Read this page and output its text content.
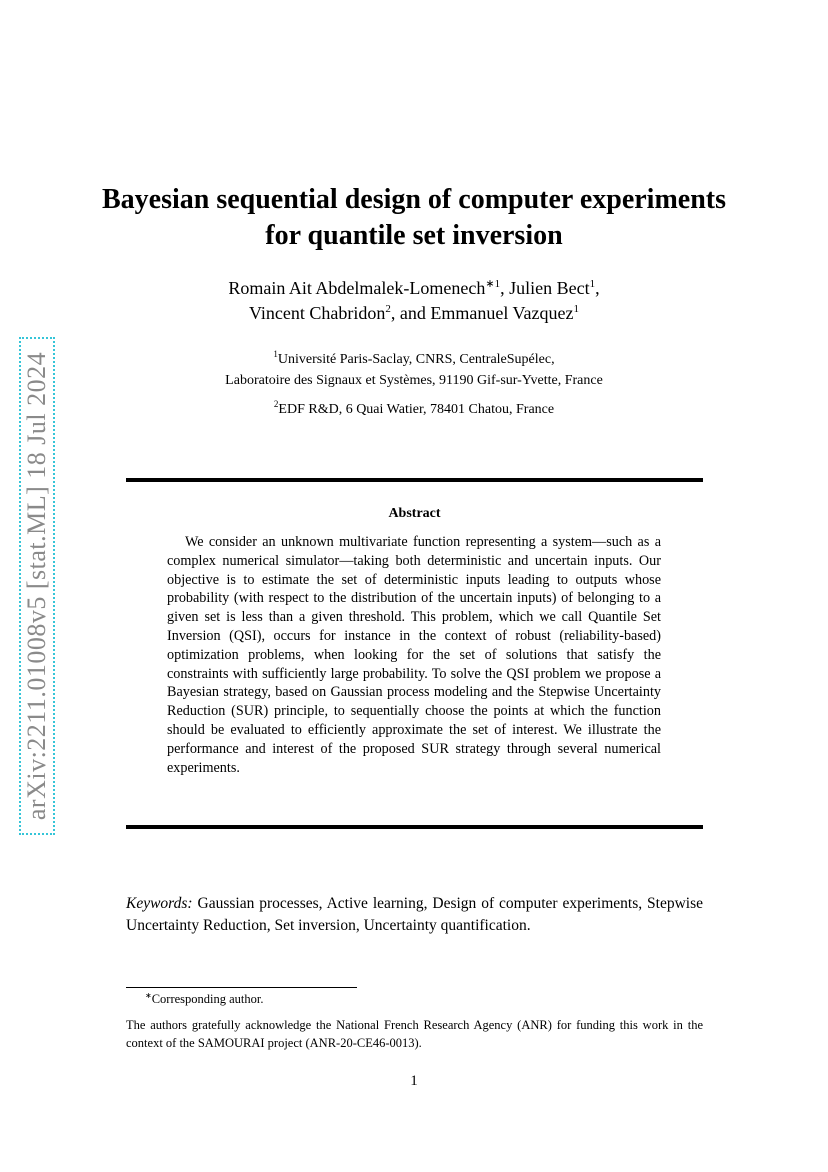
arXiv:2211.01008v5 [stat.ML] 18 Jul 2024
Bayesian sequential design of computer experiments for quantile set inversion
Romain Ait Abdelmalek-Lomenech$^{∗1}$, Julien Bect$^1$,
Vincent Chabridon$^2$, and Emmanuel Vazquez$^1$
$^1$Université Paris-Saclay, CNRS, CentraleSupélec,
Laboratoire des Signaux et Systèmes, 91190 Gif-sur-Yvette, France
$^2$EDF R&D, 6 Quai Watier, 78401 Chatou, France
Abstract

We consider an unknown multivariate function representing a system—such as a complex numerical simulator—taking both deterministic and uncertain inputs. Our objective is to estimate the set of deterministic inputs leading to outputs whose probability (with respect to the distribution of the uncertain inputs) of belonging to a given set is less than a given threshold. This problem, which we call Quantile Set Inversion (QSI), occurs for instance in the context of robust (reliability-based) optimization problems, when looking for the set of solutions that satisfy the constraints with sufficiently large probability. To solve the QSI problem we propose a Bayesian strategy, based on Gaussian process modeling and the Stepwise Uncertainty Reduction (SUR) principle, to sequentially choose the points at which the function should be evaluated to efficiently approximate the set of interest. We illustrate the performance and interest of the proposed SUR strategy through several numerical experiments.

Keywords: Gaussian processes, Active learning, Design of computer experiments, Stepwise Uncertainty Reduction, Set inversion, Uncertainty quantification.
∗Corresponding author.
The authors gratefully acknowledge the National French Research Agency (ANR) for funding this work in the context of the SAMOURAI project (ANR-20-CE46-0013).
1
